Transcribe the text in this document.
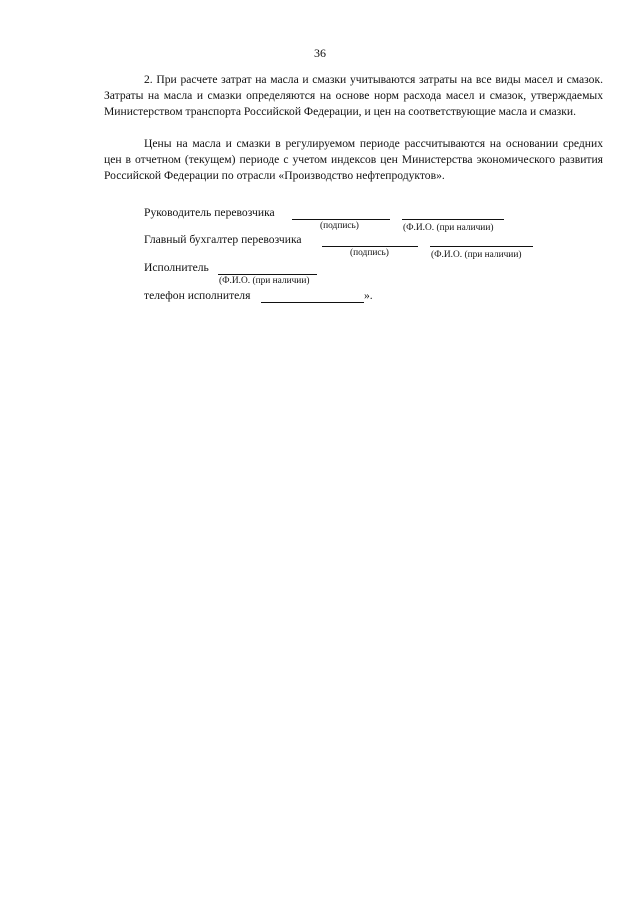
36

2. При расчете затрат на масла и смазки учитываются затраты на все виды масел и смазок. Затраты на масла и смазки определяются на основе норм расхода масел и смазок, утверждаемых Министерством транспорта Российской Федерации, и цен на соответствующие масла и смазки.

Цены на масла и смазки в регулируемом периоде рассчитываются на основании средних цен в отчетном (текущем) периоде с учетом индексов цен Министерства экономического развития Российской Федерации по отрасли «Производство нефтепродуктов».

Руководитель перевозчика
(подпись)	(Ф.И.О. (при наличии)
Главный бухгалтер перевозчика
(подпись)	(Ф.И.О. (при наличии)
Исполнитель
(Ф.И.О. (при наличии)
телефон исполнителя	».
